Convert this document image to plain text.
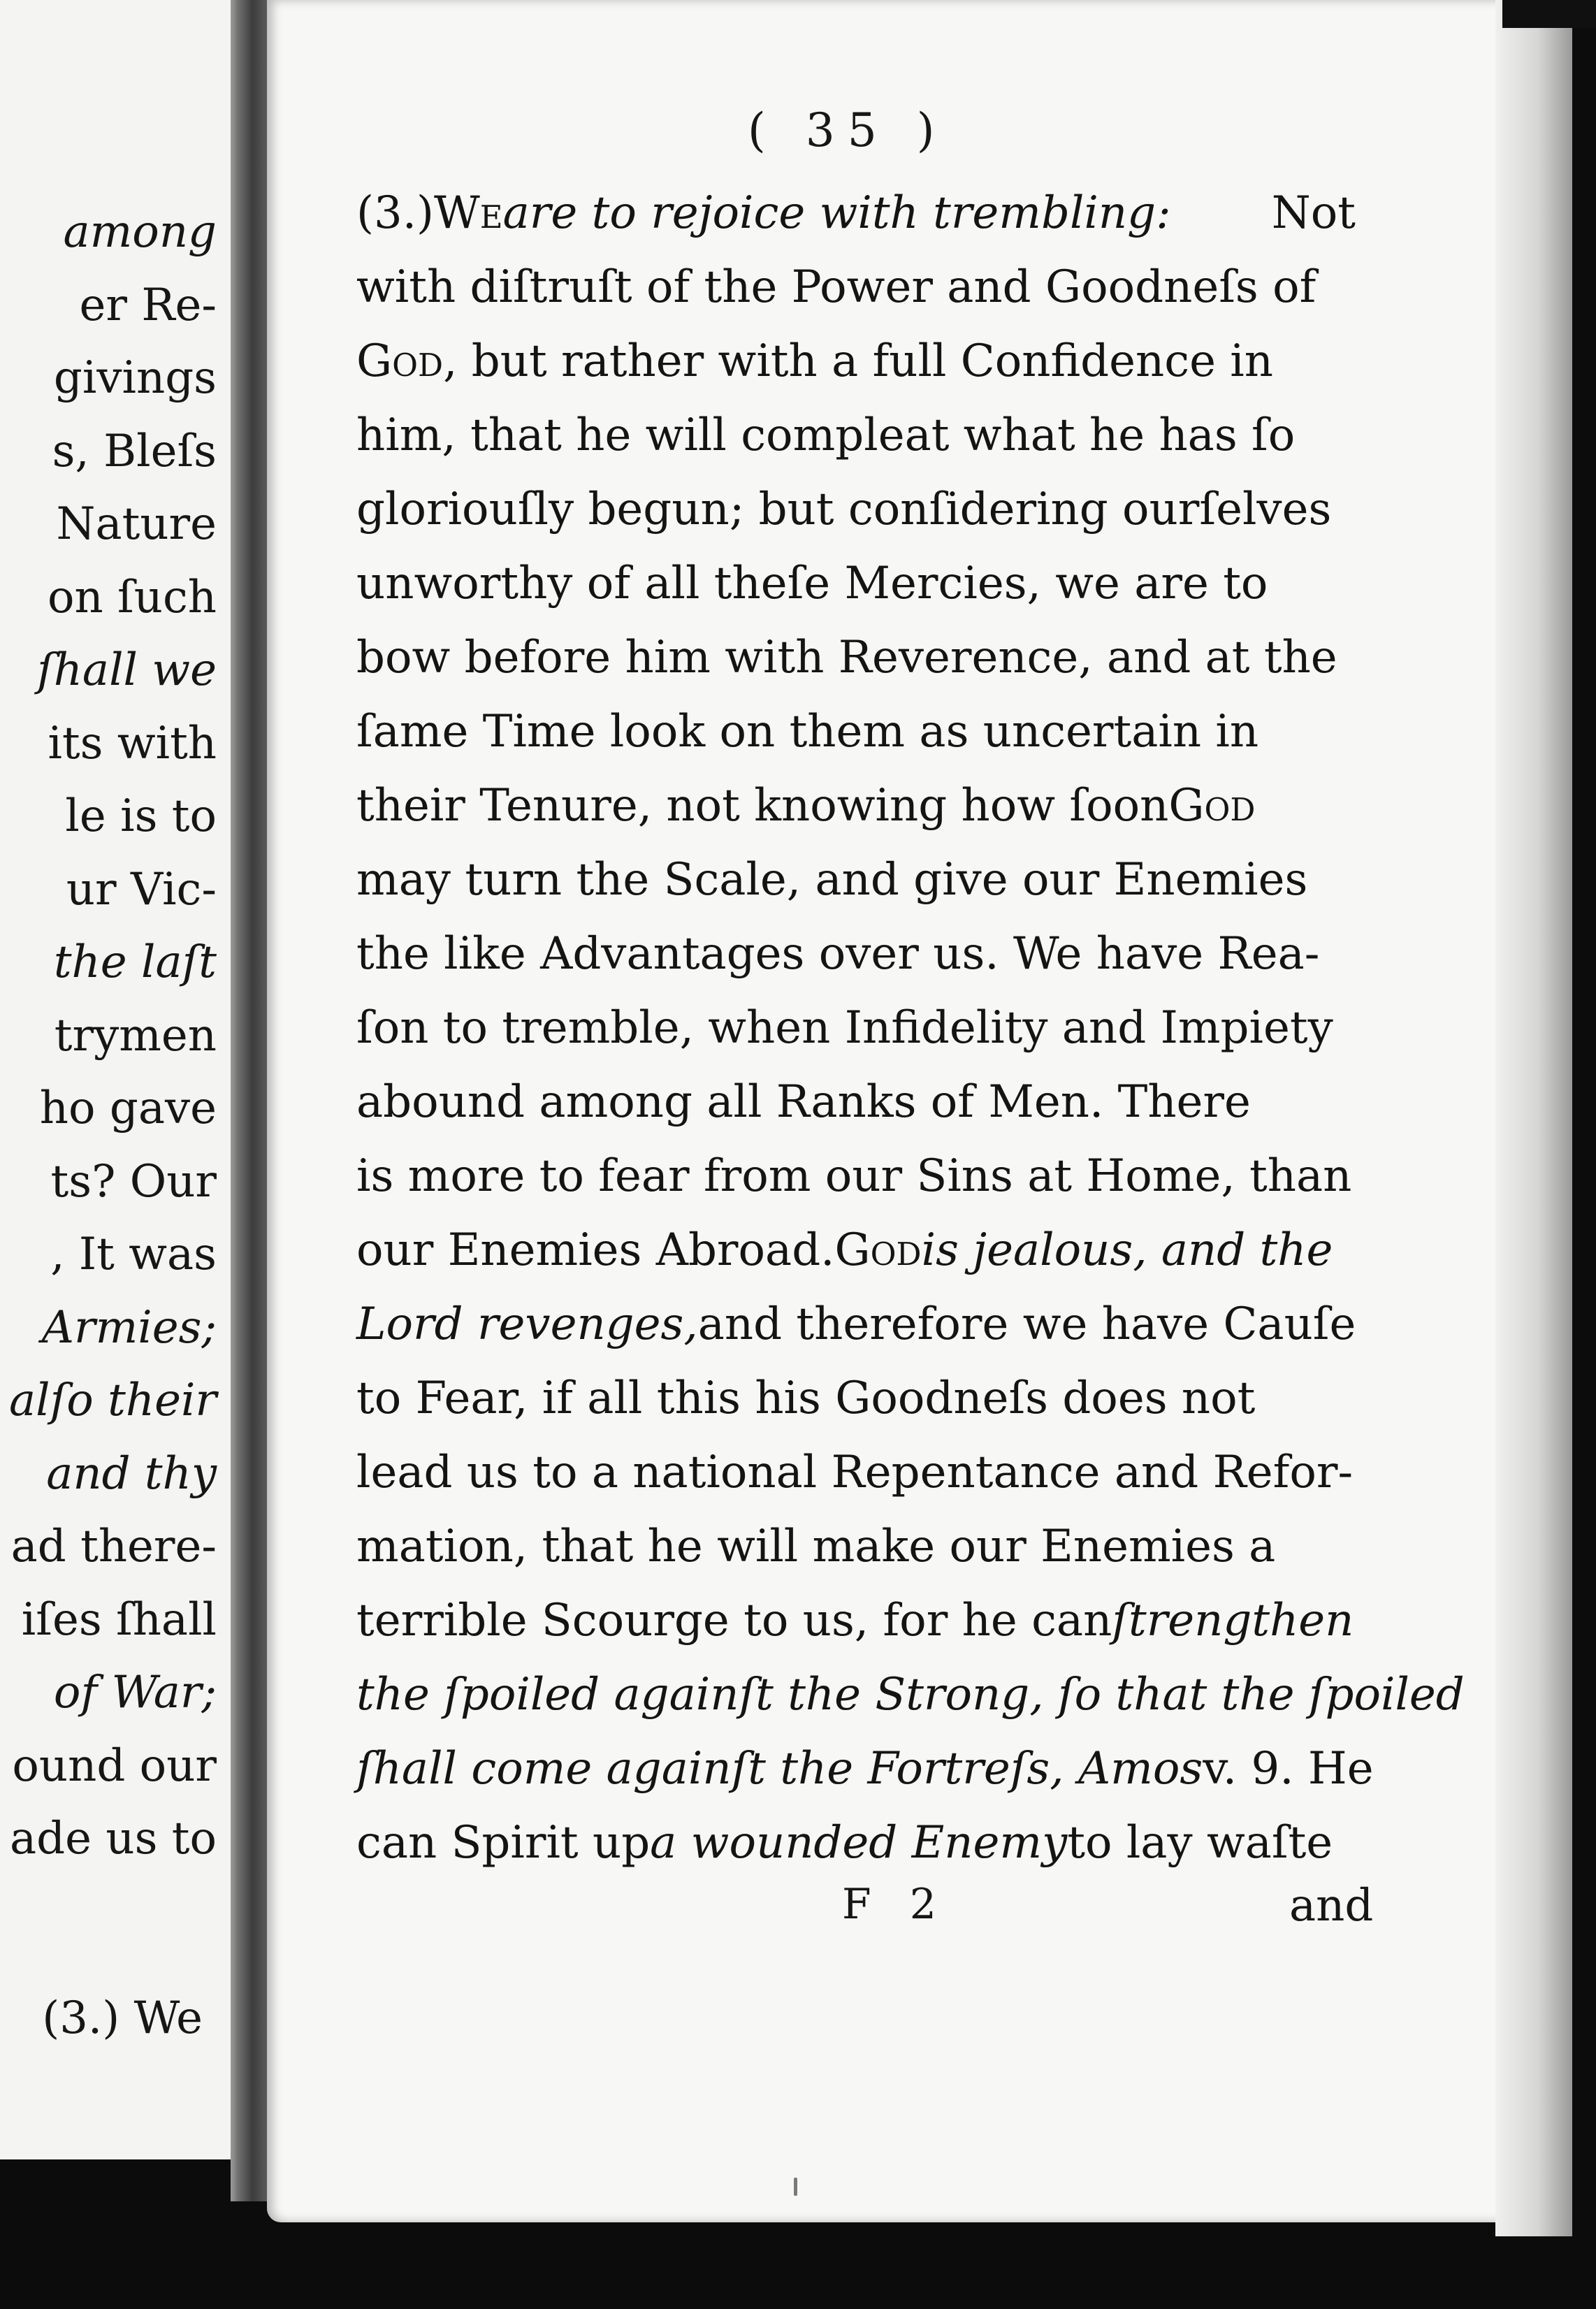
among
er Re-
givings
s, Bleſs
Nature
on ſuch
ſhall we
its with
le is to
ur Vic-
the laſt
trymen
ho gave
ts? Our
, It was
Armies;
alſo their
and thy
ad there-
iſes ſhall
of War;
ound our
ade us to
(3.) We
( 35 )
(3.)Weare to rejoice with trembling: Not
with diſtruſt of the Power and Goodneſs of
God, but rather with a full Confidence in
him, that he will compleat what he has ſo
gloriouſly begun; but conſidering ourſelves
unworthy of all theſe Mercies, we are to
bow before him with Reverence, and at the
ſame Time look on them as uncertain in
their Tenure, not knowing how ſoonGod
may turn the Scale, and give our Enemies
the like Advantages over us. We have Rea-
ſon to tremble, when Infidelity and Impiety
abound among all Ranks of Men. There
is more to fear from our Sins at Home, than
our Enemies Abroad.Godis jealous, and the
Lord revenges,and therefore we have Cauſe
to Fear, if all this his Goodneſs does not
lead us to a national Repentance and Refor-
mation, that he will make our Enemies a
terrible Scourge to us, for he canſtrengthen
the ſpoiled againſt the Strong, ſo that the ſpoiled
ſhall come againſt the Fortreſs, Amosv. 9. He
can Spirit upa wounded Enemyto lay waſte
F 2	and
